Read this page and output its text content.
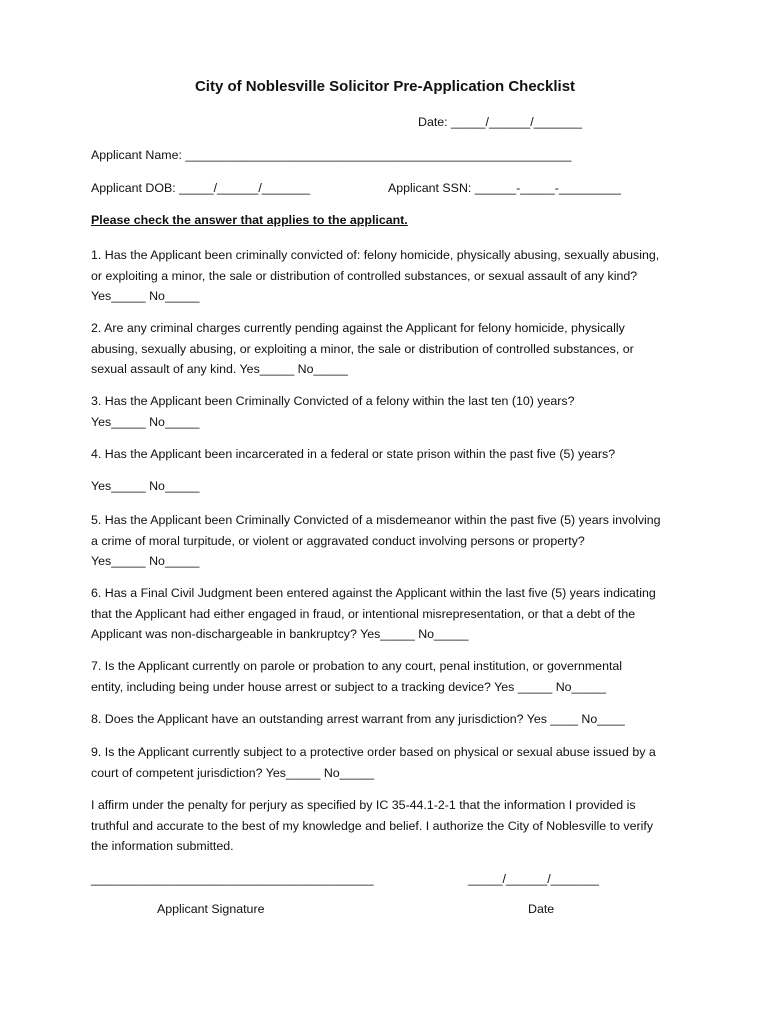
City of Noblesville Solicitor Pre-Application Checklist
Date: _____/______/_______
Applicant Name: ________________________________________________________
Applicant DOB: _____/______/_______	Applicant SSN: ______-_____-_________
Please check the answer that applies to the applicant.

1. Has the Applicant been criminally convicted of: felony homicide, physically abusing, sexually abusing,

or exploiting a minor, the sale or distribution of controlled substances, or sexual assault of any kind?

Yes_____ No_____

2. Are any criminal charges currently pending against the Applicant for felony homicide, physically

abusing, sexually abusing, or exploiting a minor, the sale or distribution of controlled substances, or

sexual assault of any kind. Yes_____ No_____

3. Has the Applicant been Criminally Convicted of a felony within the last ten (10) years?

Yes_____ No_____

4. Has the Applicant been incarcerated in a federal or state prison within the past five (5) years?

Yes_____ No_____

5. Has the Applicant been Criminally Convicted of a misdemeanor within the past five (5) years involving

a crime of moral turpitude, or violent or aggravated conduct involving persons or property?

Yes_____ No_____

6. Has a Final Civil Judgment been entered against the Applicant within the last five (5) years indicating

that the Applicant had either engaged in fraud, or intentional misrepresentation, or that a debt of the

Applicant was non-dischargeable in bankruptcy? Yes_____ No_____

7. Is the Applicant currently on parole or probation to any court, penal institution, or governmental

entity, including being under house arrest or subject to a tracking device? Yes _____ No_____

8. Does the Applicant have an outstanding arrest warrant from any jurisdiction? Yes ____ No____

9. Is the Applicant currently subject to a protective order based on physical or sexual abuse issued by a

court of competent jurisdiction? Yes_____ No_____

I affirm under the penalty for perjury as specified by IC 35-44.1-2-1 that the information I provided is

truthful and accurate to the best of my knowledge and belief. I authorize the City of Noblesville to verify

the information submitted.

_________________________________________	_____/______/_______
Applicant Signature	Date
